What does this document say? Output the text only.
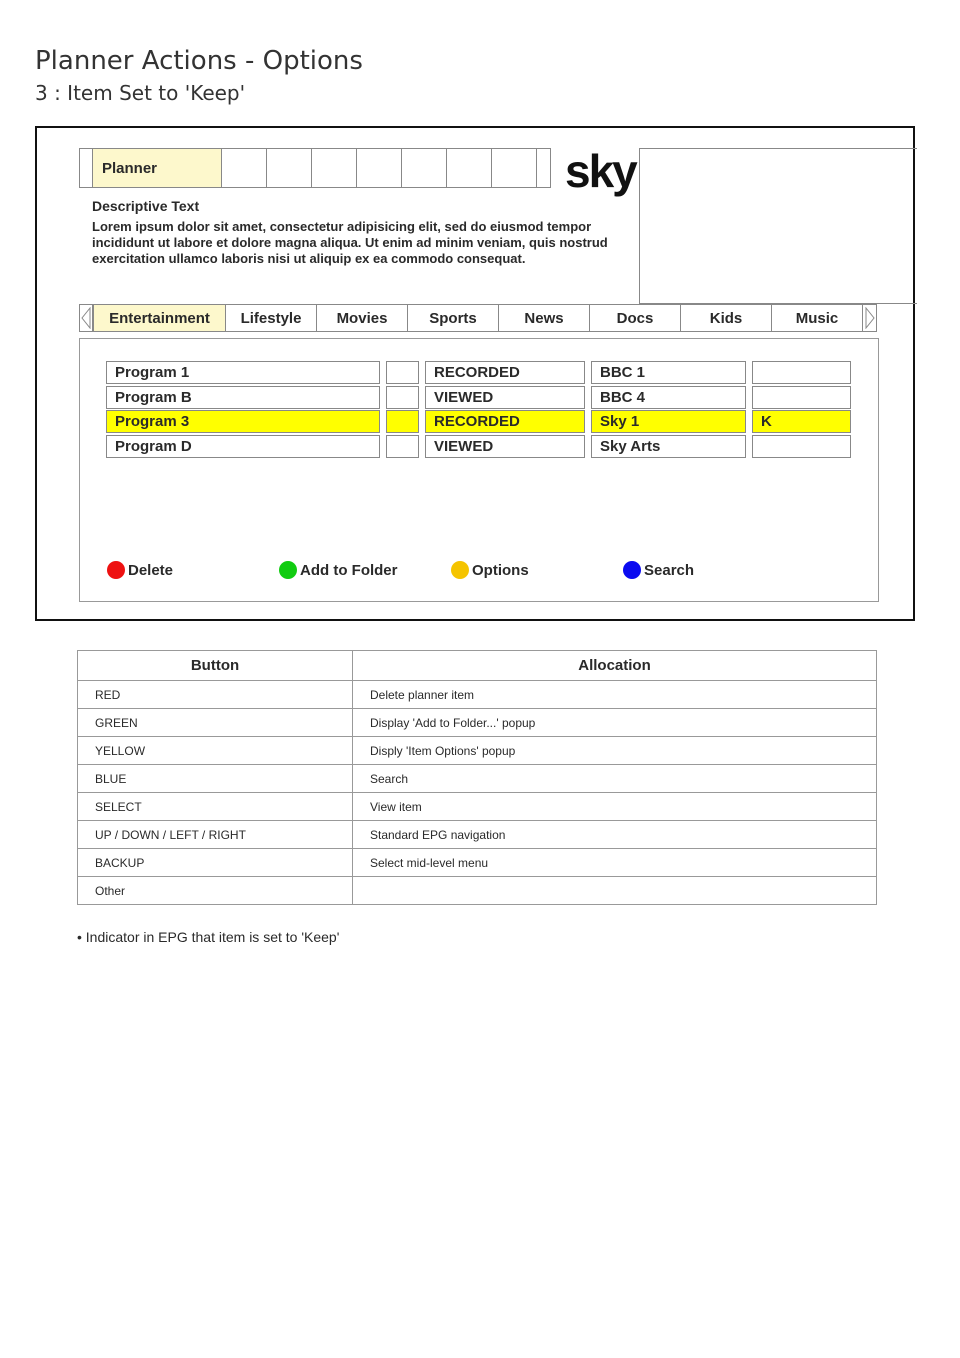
Planner Actions - Options
3 : Item Set to 'Keep'
Planner	sky
Descriptive Text
Lorem ipsum dolor sit amet, consectetur adipisicing elit, sed do eiusmod tempor incididunt ut labore et dolore magna aliqua. Ut enim ad minim veniam, quis nostrud exercitation ullamco laboris nisi ut aliquip ex ea commodo consequat.
Entertainment	Lifestyle	Movies	Sports	News	Docs	Kids	Music
Program 1	RECORDED	BBC 1
Program B	VIEWED	BBC 4
Program 3	RECORDED	Sky 1	K
Program D	VIEWED	Sky Arts
Delete	Add to Folder	Options	Search
Button	Allocation
RED	Delete planner item
GREEN	Display 'Add to Folder...' popup
YELLOW	Disply 'Item Options' popup
BLUE	Search
SELECT	View item
UP / DOWN / LEFT / RIGHT	Standard EPG navigation
BACKUP	Select mid-level menu
Other	
• Indicator in EPG that item is set to 'Keep'
